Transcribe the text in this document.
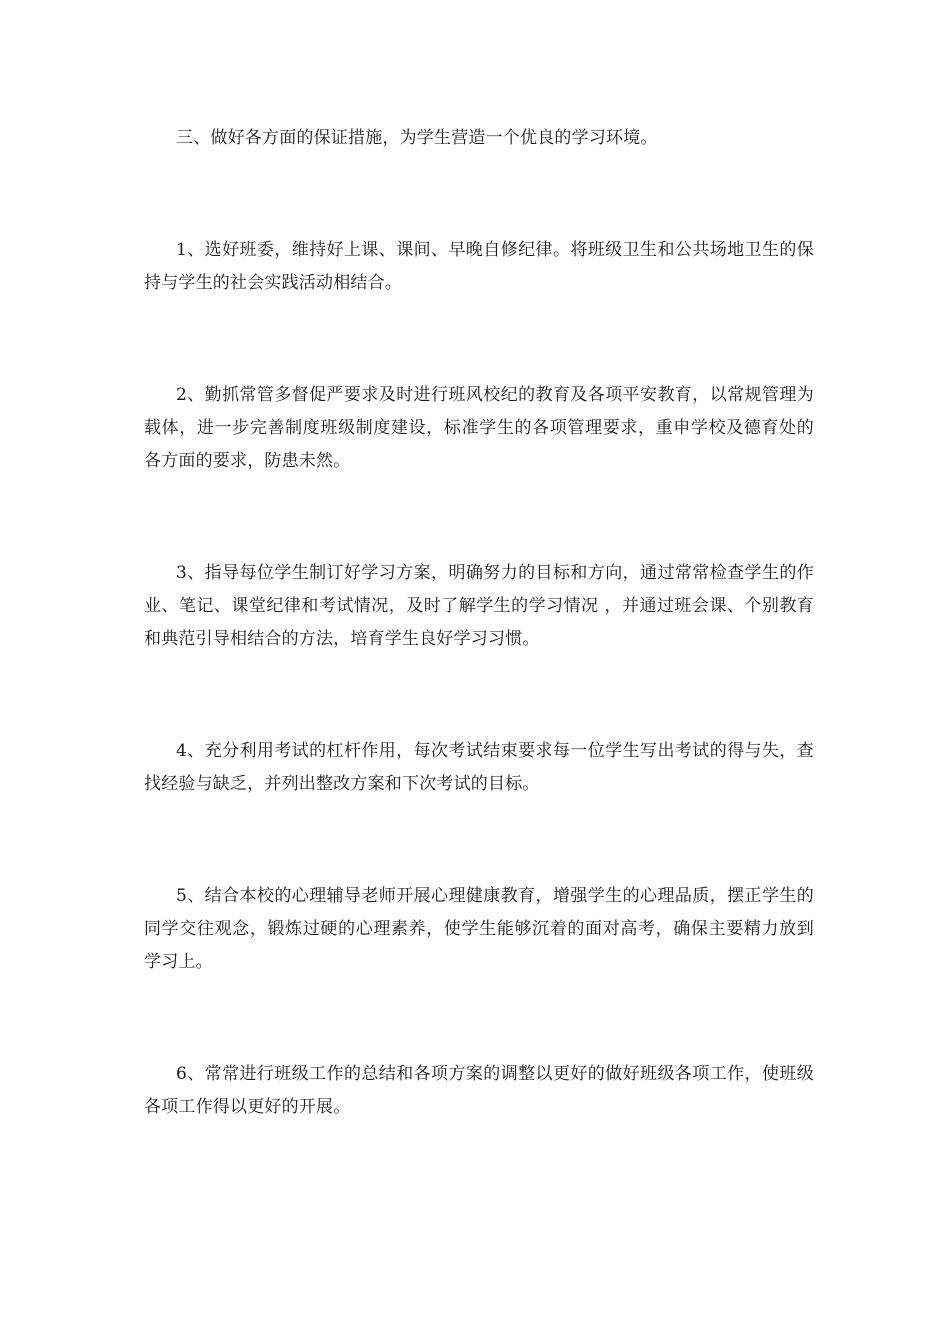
三、做好各方面的保证措施，为学生营造一个优良的学习环境。

1、选好班委，维持好上课、课间、早晚自修纪律。将班级卫生和公共场地卫生的保持与学生的社会实践活动相结合。

2、勤抓常管多督促严要求及时进行班风校纪的教育及各项平安教育，以常规管理为载体，进一步完善制度班级制度建设，标准学生的各项管理要求，重申学校及德育处的各方面的要求，防患未然。

3、指导每位学生制订好学习方案，明确努力的目标和方向，通过常常检查学生的作业、笔记、课堂纪律和考试情况，及时了解学生的学习情况 ，并通过班会课、个别教育和典范引导相结合的方法，培育学生良好学习习惯。

4、充分利用考试的杠杆作用，每次考试结束要求每一位学生写出考试的得与失，查找经验与缺乏，并列出整改方案和下次考试的目标。

5、结合本校的心理辅导老师开展心理健康教育，增强学生的心理品质，摆正学生的同学交往观念，锻炼过硬的心理素养，使学生能够沉着的面对高考，确保主要精力放到学习上。

6、常常进行班级工作的总结和各项方案的调整以更好的做好班级各项工作，使班级各项工作得以更好的开展。
